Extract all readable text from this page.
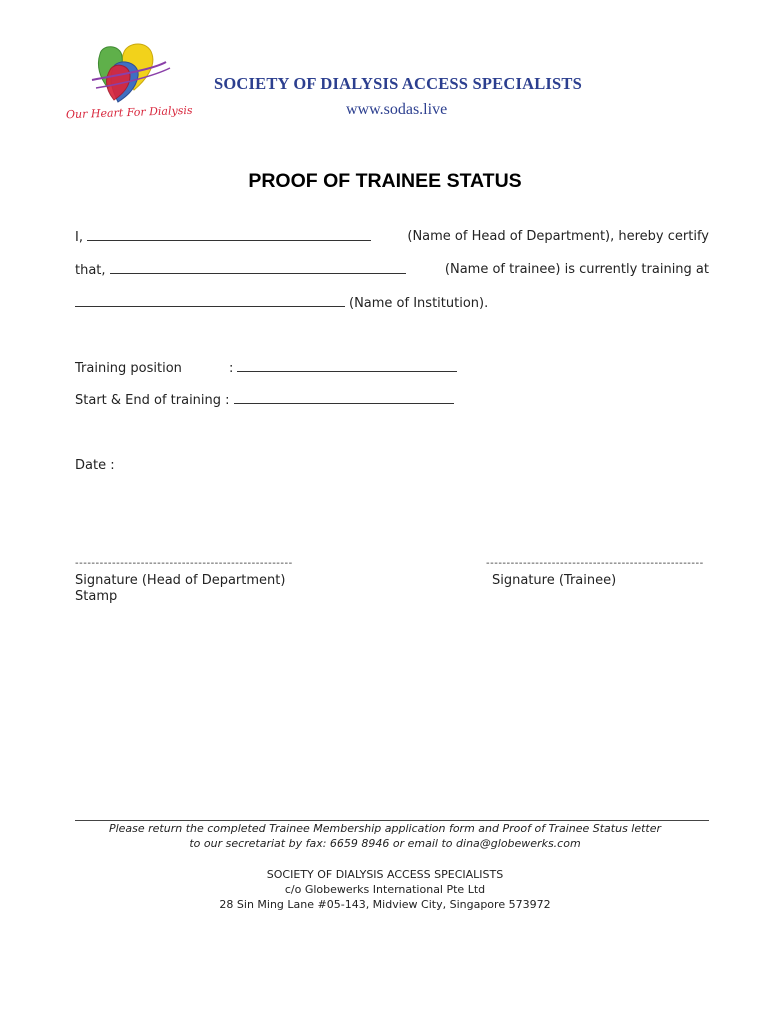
Our Heart For Dialysis
SOCIETY OF DIALYSIS ACCESS SPECIALISTS
www.sodas.live
PROOF OF TRAINEE STATUS
I,	(Name of Head of Department), hereby certify
that,	(Name of trainee) is currently training at
(Name of Institution).
Training position	:
Start & End of training :
Date :
-----------------------------------------------------
Signature (Head of Department)
Stamp
-----------------------------------------------------
Signature (Trainee)
Please return the completed Trainee Membership application form and Proof of Trainee Status letter
to our secretariat by fax: 6659 8946 or email to dina@globewerks.com
SOCIETY OF DIALYSIS ACCESS SPECIALISTS
c/o Globewerks International Pte Ltd
28 Sin Ming Lane #05-143, Midview City, Singapore 573972
